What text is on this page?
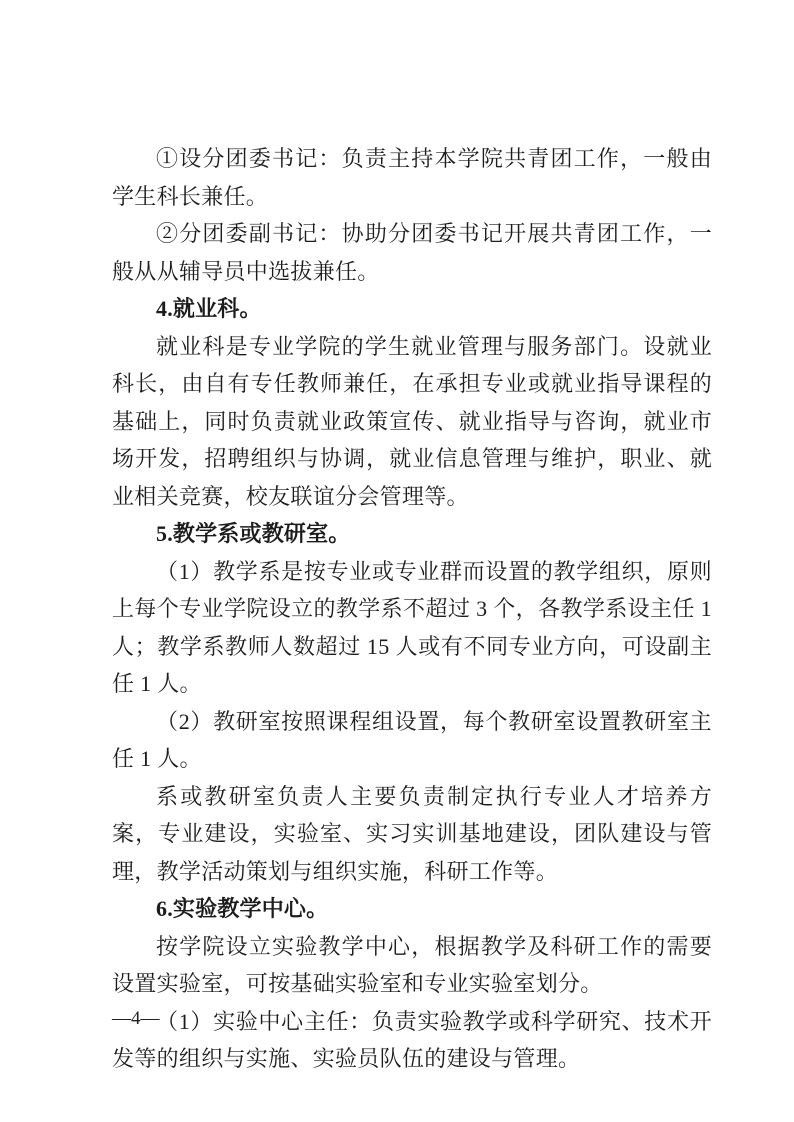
①设分团委书记：负责主持本学院共青团工作，一般由学生科长兼任。

②分团委副书记：协助分团委书记开展共青团工作，一般从从辅导员中选拔兼任。

4.就业科。

就业科是专业学院的学生就业管理与服务部门。设就业科长，由自有专任教师兼任，在承担专业或就业指导课程的基础上，同时负责就业政策宣传、就业指导与咨询，就业市场开发，招聘组织与协调，就业信息管理与维护，职业、就业相关竞赛，校友联谊分会管理等。

5.教学系或教研室。

（1）教学系是按专业或专业群而设置的教学组织，原则上每个专业学院设立的教学系不超过 3 个，各教学系设主任 1 人；教学系教师人数超过 15 人或有不同专业方向，可设副主任 1 人。

（2）教研室按照课程组设置，每个教研室设置教研室主任 1 人。

系或教研室负责人主要负责制定执行专业人才培养方案，专业建设，实验室、实习实训基地建设，团队建设与管理，教学活动策划与组织实施，科研工作等。

6.实验教学中心。

按学院设立实验教学中心，根据教学及科研工作的需要设置实验室，可按基础实验室和专业实验室划分。

（1）实验中心主任：负责实验教学或科学研究、技术开发等的组织与实施、实验员队伍的建设与管理。

—4—
